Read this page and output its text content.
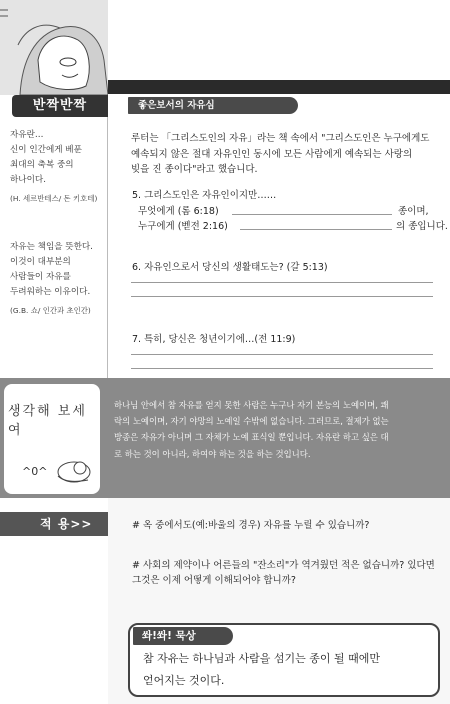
반짝반짝
자유란…
신이 인간에게 베푼
최대의 축복 중의
하나이다.
(H. 세르반테스/ 돈 키호테)
자유는 책임을 뜻한다.
이것이 대부분의
사람들이 자유를
두려워하는 이유이다.
(G.B. 쇼/ 인간과 초인간)
좋은보서의 자유심
루터는 「그리스도인의 자유」라는 책 속에서 "그리스도인은 누구에게도
예속되지 않은 절대 자유인인 동시에 모든 사람에게 예속되는 사랑의
빚을 진 종이다"라고 했습니다.
5. 그리스도인은 자유인이지만……
무엇에게 (롬 6:18)	종이며,
누구에게 (벧전 2:16)	의 종입니다.
6. 자유인으로서 당신의 생활태도는? (갈 5:13)
7. 특히, 당신은 청년이기에…(전 11:9)
생각해 보세여
^0^
하나님 안에서 참 자유를 얻지 못한 사람은 누구나 자기 본능의 노예이며, 쾌
락의 노예이며, 자기 야망의 노예일 수밖에 없습니다. 그러므로, 절제가 없는
방종은 자유가 아니며 그 자체가 노예 표식일 뿐입니다. 자유란 하고 싶은 대
로 하는 것이 아니라, 하여야 하는 것을 하는 것입니다.
적 용>>	# 옥 중에서도(예:바울의 경우) 자유를 누릴 수 있습니까?
# 사회의 제약이나 어른들의 "잔소리"가 역겨웠던 적은 없습니까? 있다면
그것은 이제 어떻게 이해되어야 합니까?
쏴!쏴! 묵상
참 자유는 하나님과 사람을 섬기는 종이 될 때에만
얻어지는 것이다.
